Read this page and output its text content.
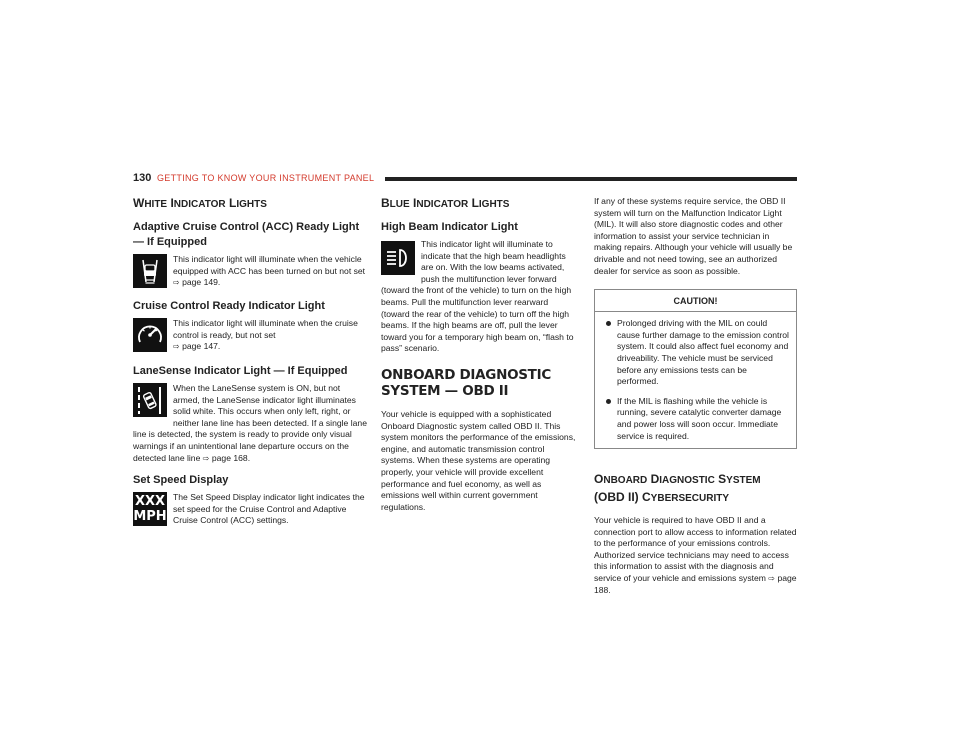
130 GETTING TO KNOW YOUR INSTRUMENT PANEL
WHITE INDICATOR LIGHTS
Adaptive Cruise Control (ACC) Ready Light — If Equipped

This indicator light will illuminate when the vehicle equipped with ACC has been turned on but not set ⇨ page 149.

Cruise Control Ready Indicator Light

This indicator light will illuminate when the cruise control is ready, but not set
⇨ page 147.

LaneSense Indicator Light — If Equipped

When the LaneSense system is ON, but not armed, the LaneSense indicator light illuminates solid white. This occurs when only left, right, or neither lane line has been detected. If a single lane line is detected, the system is ready to provide only visual warnings if an unintentional lane departure occurs on the detected lane line ⇨ page 168.

Set Speed Display
XXX
MPH

The Set Speed Display indicator light indicates the set speed for the Cruise Control and Adaptive Cruise Control (ACC) settings.

BLUE INDICATOR LIGHTS
High Beam Indicator Light

This indicator light will illuminate to indicate that the high beam headlights are on. With the low beams activated, push the multifunction lever forward (toward the front of the vehicle) to turn on the high beams. Pull the multifunction lever rearward (toward the rear of the vehicle) to turn off the high beams. If the high beams are off, pull the lever toward you for a temporary high beam on, “flash to pass” scenario.

ONBOARD DIAGNOSTIC SYSTEM — OBD II

Your vehicle is equipped with a sophisticated Onboard Diagnostic system called OBD II. This system monitors the performance of the emissions, engine, and automatic transmission control systems. When these systems are operating properly, your vehicle will provide excellent performance and fuel economy, as well as emissions well within current government regulations.

If any of these systems require service, the OBD II system will turn on the Malfunction Indicator Light (MIL). It will also store diagnostic codes and other information to assist your service technician in making repairs. Although your vehicle will usually be drivable and not need towing, see an authorized dealer for service as soon as possible.

CAUTION!

Prolonged driving with the MIL on could cause further damage to the emission control system. It could also affect fuel economy and driveability. The vehicle must be serviced before any emissions tests can be performed.

If the MIL is flashing while the vehicle is running, severe catalytic converter damage and power loss will soon occur. Immediate service is required.

ONBOARD DIAGNOSTIC SYSTEM
(OBD II) CYBERSECURITY

Your vehicle is required to have OBD II and a connection port to allow access to information related to the performance of your emissions controls. Authorized service technicians may need to access this information to assist with the diagnosis and service of your vehicle and emissions system ⇨ page 188.
